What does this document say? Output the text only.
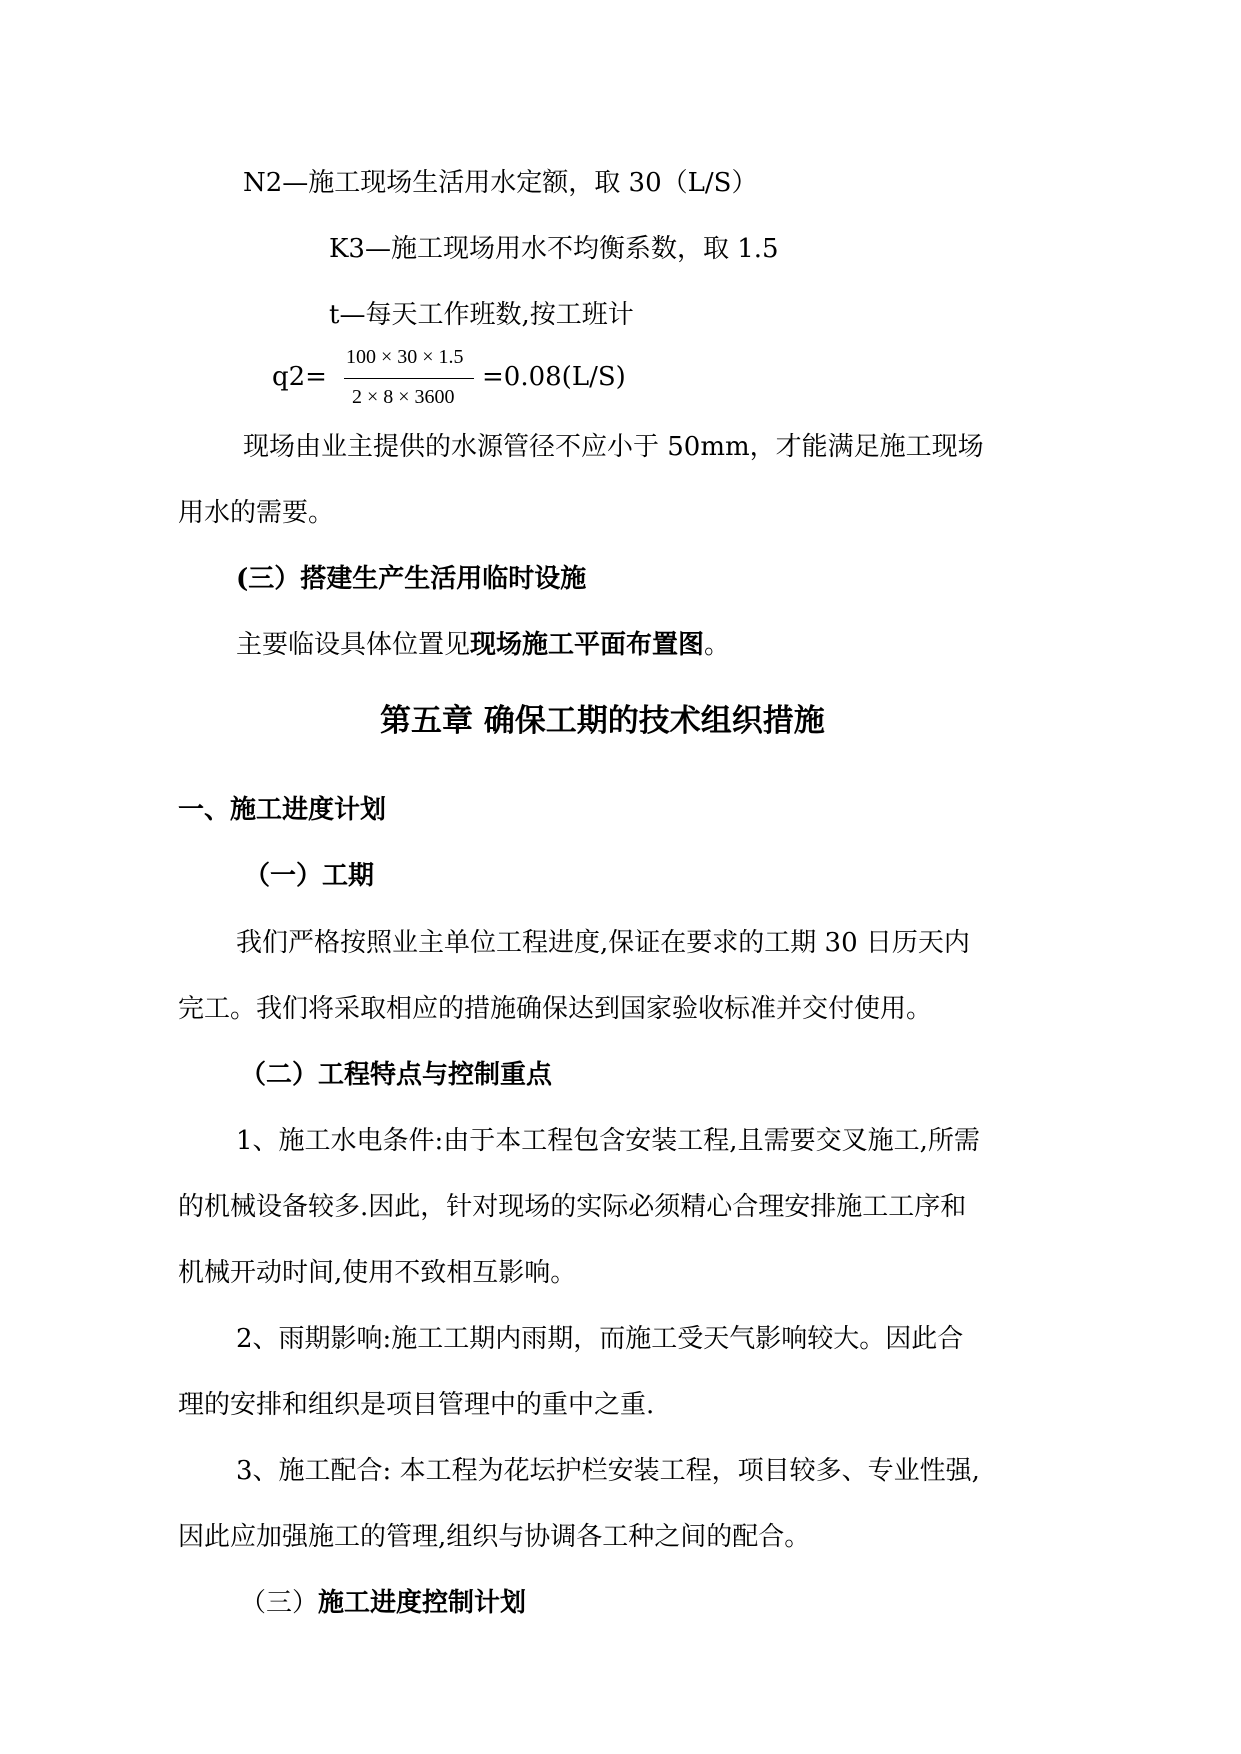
N2—施工现场生活用水定额，取 30（L/S）
K3—施工现场用水不均衡系数，取 1.5
t—每天工作班数,按工班计
q2=
100 × 30 × 1.5
2 × 8 × 3600
=0.08(L/S)
现场由业主提供的水源管径不应小于 50mm，才能满足施工现场
用水的需要。
(三）搭建生产生活用临时设施
主要临设具体位置见现场施工平面布置图。
第五章 确保工期的技术组织措施
一、施工进度计划
（一）工期
我们严格按照业主单位工程进度,保证在要求的工期 30 日历天内
完工。我们将采取相应的措施确保达到国家验收标准并交付使用。
（二）工程特点与控制重点
1、施工水电条件:由于本工程包含安装工程,且需要交叉施工,所需
的机械设备较多.因此，针对现场的实际必须精心合理安排施工工序和
机械开动时间,使用不致相互影响。
2、雨期影响:施工工期内雨期，而施工受天气影响较大。因此合
理的安排和组织是项目管理中的重中之重.
3、施工配合: 本工程为花坛护栏安装工程，项目较多、专业性强,
因此应加强施工的管理,组织与协调各工种之间的配合。
（三）施工进度控制计划
